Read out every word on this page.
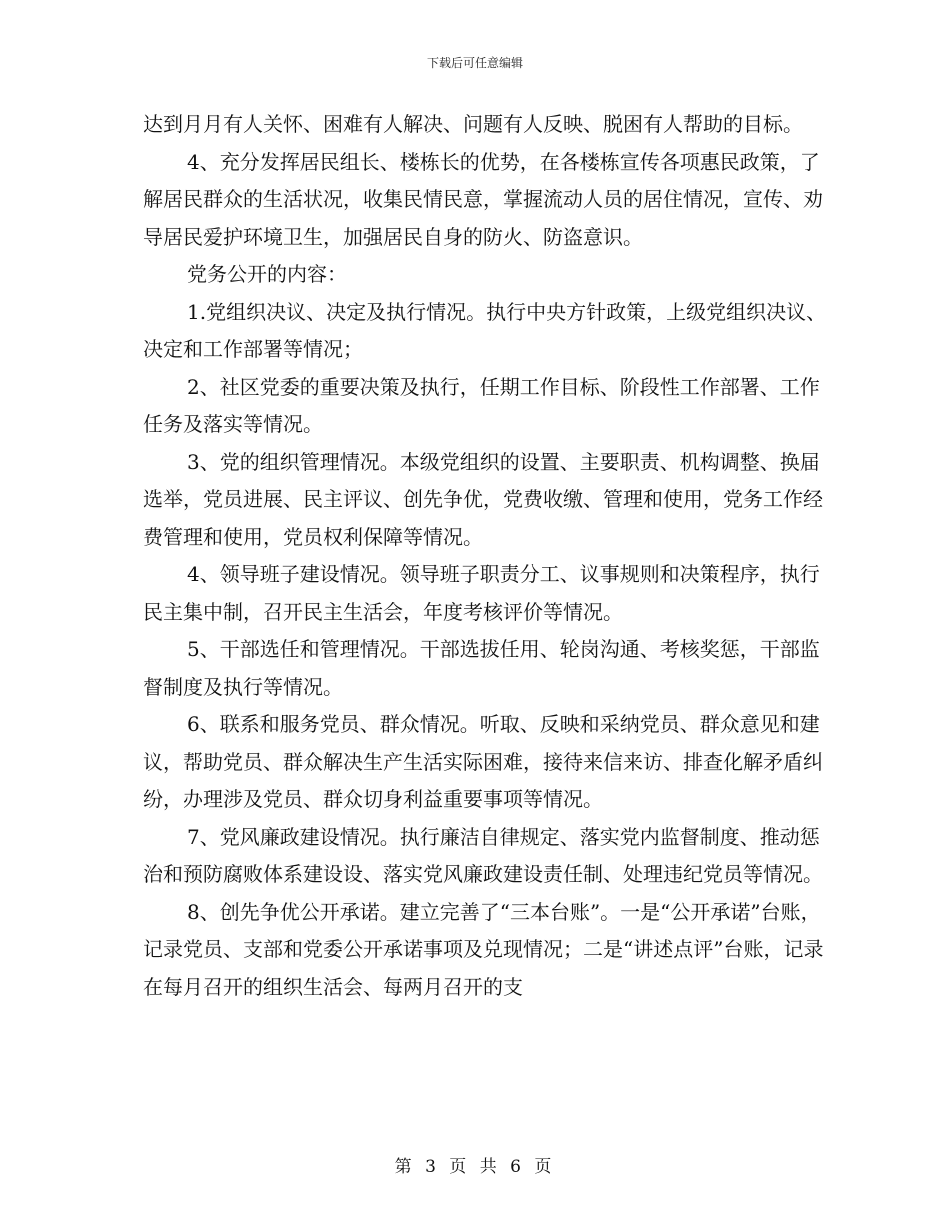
下载后可任意编辑

达到月月有人关怀、困难有人解决、问题有人反映、脱困有人帮助的目标。

4、充分发挥居民组长、楼栋长的优势，在各楼栋宣传各项惠民政策，了解居民群众的生活状况，收集民情民意，掌握流动人员的居住情况，宣传、劝导居民爱护环境卫生，加强居民自身的防火、防盗意识。

党务公开的内容：

1.党组织决议、决定及执行情况。执行中央方针政策，上级党组织决议、决定和工作部署等情况；

2、社区党委的重要决策及执行，任期工作目标、阶段性工作部署、工作任务及落实等情况。

3、党的组织管理情况。本级党组织的设置、主要职责、机构调整、换届选举，党员进展、民主评议、创先争优，党费收缴、管理和使用，党务工作经费管理和使用，党员权利保障等情况。

4、领导班子建设情况。领导班子职责分工、议事规则和决策程序，执行民主集中制，召开民主生活会，年度考核评价等情况。

5、干部选任和管理情况。干部选拔任用、轮岗沟通、考核奖惩，干部监督制度及执行等情况。

6、联系和服务党员、群众情况。听取、反映和采纳党员、群众意见和建议，帮助党员、群众解决生产生活实际困难，接待来信来访、排查化解矛盾纠纷，办理涉及党员、群众切身利益重要事项等情况。

7、党风廉政建设情况。执行廉洁自律规定、落实党内监督制度、推动惩治和预防腐败体系建设设、落实党风廉政建设责任制、处理违纪党员等情况。

8、创先争优公开承诺。建立完善了“三本台账”。一是“公开承诺”台账，记录党员、支部和党委公开承诺事项及兑现情况；二是“讲述点评”台账，记录在每月召开的组织生活会、每两月召开的支

第 3 页 共 6 页
